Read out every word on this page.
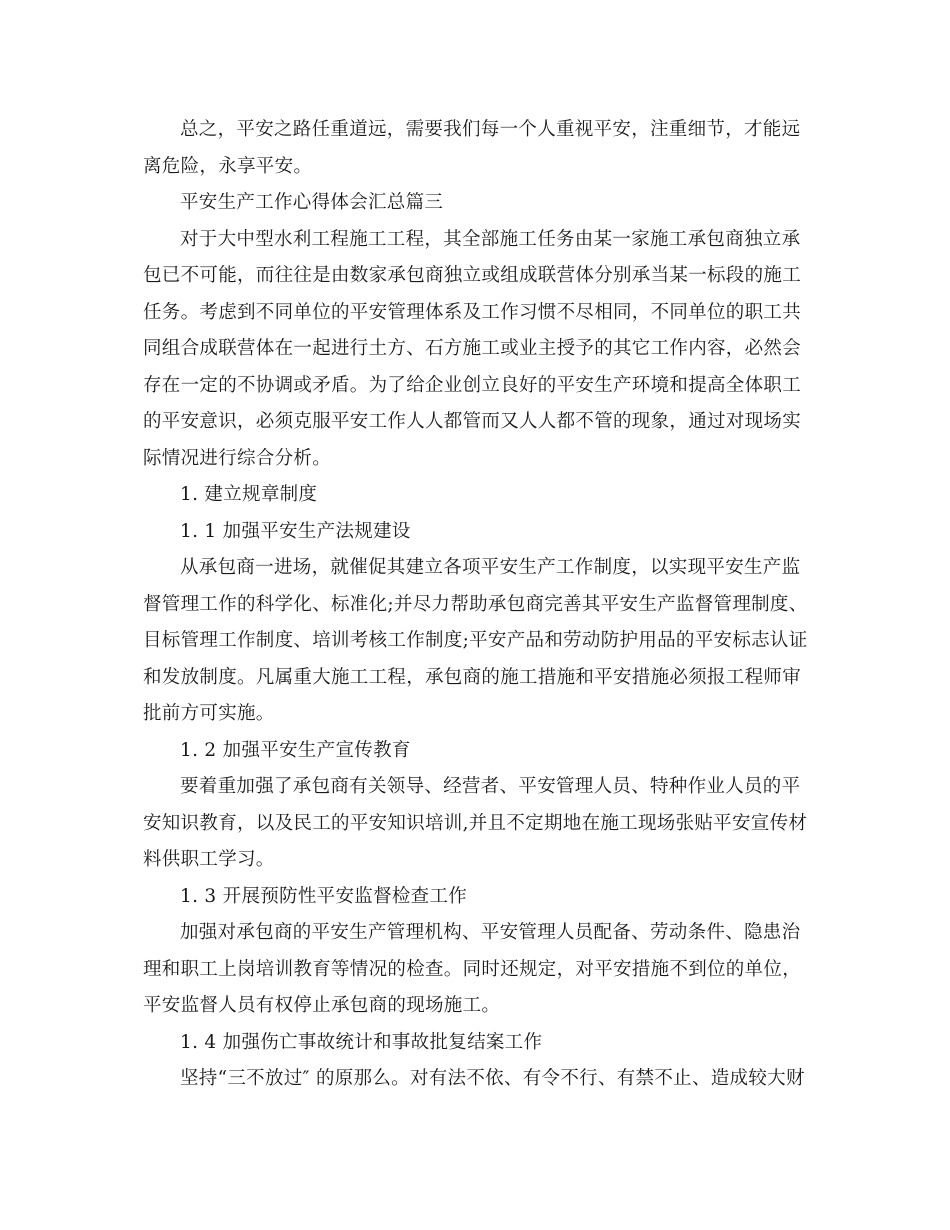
总之，平安之路任重道远，需要我们每一个人重视平安，注重细节，才能远
离危险，永享平安。
平安生产工作心得体会汇总篇三
对于大中型水利工程施工工程，其全部施工任务由某一家施工承包商独立承
包已不可能，而往往是由数家承包商独立或组成联营体分别承当某一标段的施工
任务。考虑到不同单位的平安管理体系及工作习惯不尽相同，不同单位的职工共
同组合成联营体在一起进行土方、石方施工或业主授予的其它工作内容，必然会
存在一定的不协调或矛盾。为了给企业创立良好的平安生产环境和提高全体职工
的平安意识，必须克服平安工作人人都管而又人人都不管的现象，通过对现场实
际情况进行综合分析。
1. 建立规章制度
1. 1 加强平安生产法规建设
从承包商一进场，就催促其建立各项平安生产工作制度，以实现平安生产监
督管理工作的科学化、标准化;并尽力帮助承包商完善其平安生产监督管理制度、
目标管理工作制度、培训考核工作制度;平安产品和劳动防护用品的平安标志认证
和发放制度。凡属重大施工工程，承包商的施工措施和平安措施必须报工程师审
批前方可实施。
1. 2 加强平安生产宣传教育
要着重加强了承包商有关领导、经营者、平安管理人员、特种作业人员的平
安知识教育，以及民工的平安知识培训,并且不定期地在施工现场张贴平安宣传材
料供职工学习。
1. 3 开展预防性平安监督检查工作
加强对承包商的平安生产管理机构、平安管理人员配备、劳动条件、隐患治
理和职工上岗培训教育等情况的检查。同时还规定，对平安措施不到位的单位，
平安监督人员有权停止承包商的现场施工。
1. 4 加强伤亡事故统计和事故批复结案工作
坚持“三不放过″ 的原那么。对有法不依、有令不行、有禁不止、造成较大财
